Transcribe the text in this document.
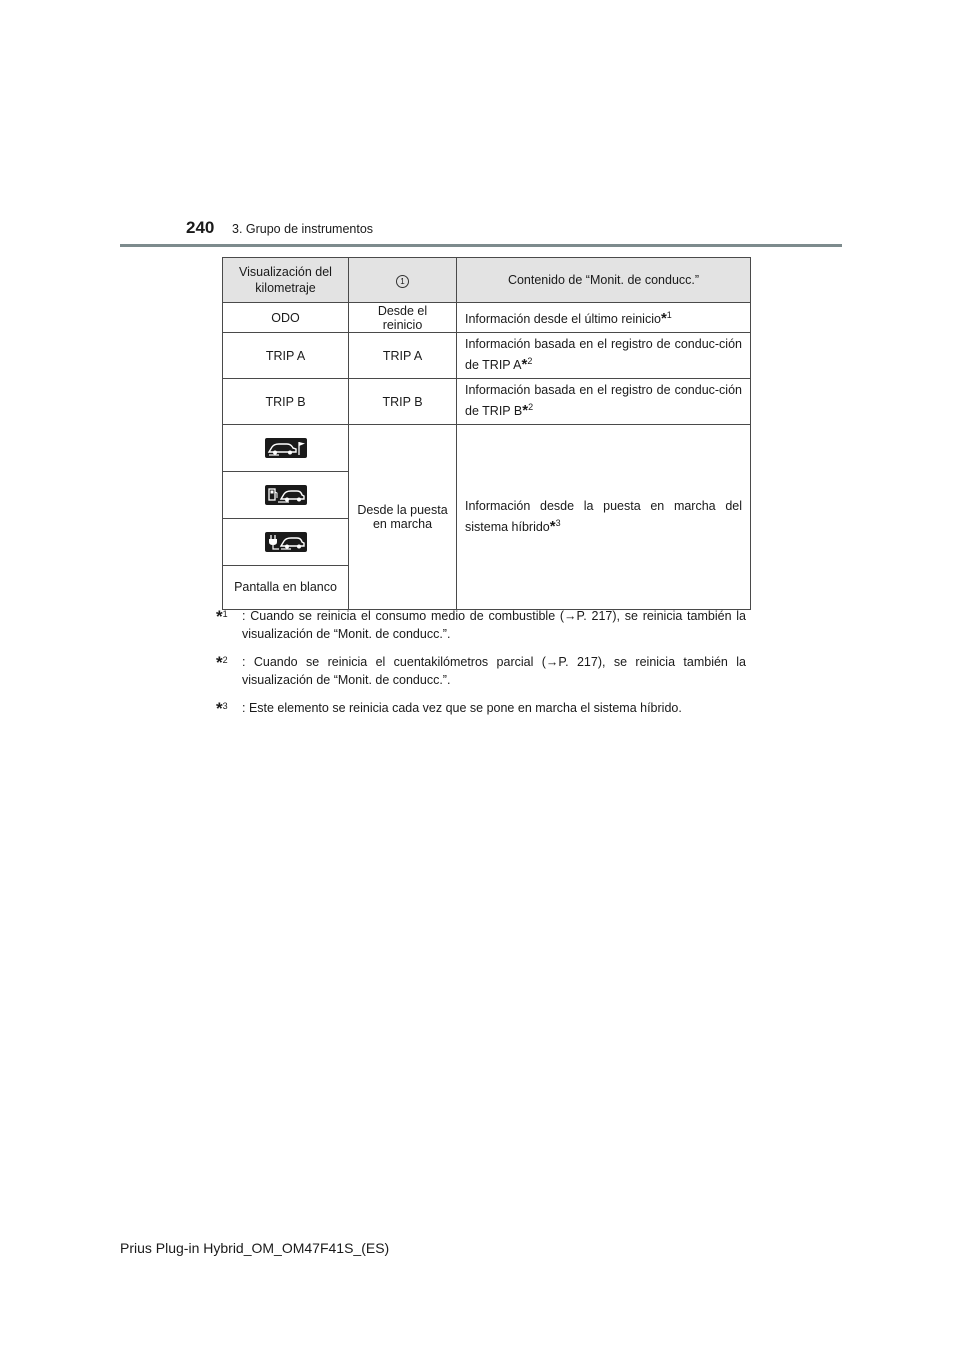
240 3. Grupo de instrumentos
Visualización del kilometraje	1	Contenido de “Monit. de conducc.”
ODO	Desde el reinicio	Información desde el último reinicio*$^1$
TRIP A	TRIP A	Información basada en el registro de conduc-ción de TRIP A*$^2$
TRIP B	TRIP B	Información basada en el registro de conduc-ción de TRIP B*$^2$

	Desde la puesta en marcha	Información desde la puesta en marcha del sistema híbrido*$^3$

Pantalla en blanco		
*$^1$ : Cuando se reinicia el consumo medio de combustible (→P. 217), se reinicia también la visualización de “Monit. de conducc.”.
*$^2$ : Cuando se reinicia el cuentakilómetros parcial (→P. 217), se reinicia también la visualización de “Monit. de conducc.”.
*$^3$ : Este elemento se reinicia cada vez que se pone en marcha el sistema híbrido.
Prius Plug-in Hybrid_OM_OM47F41S_(ES)
